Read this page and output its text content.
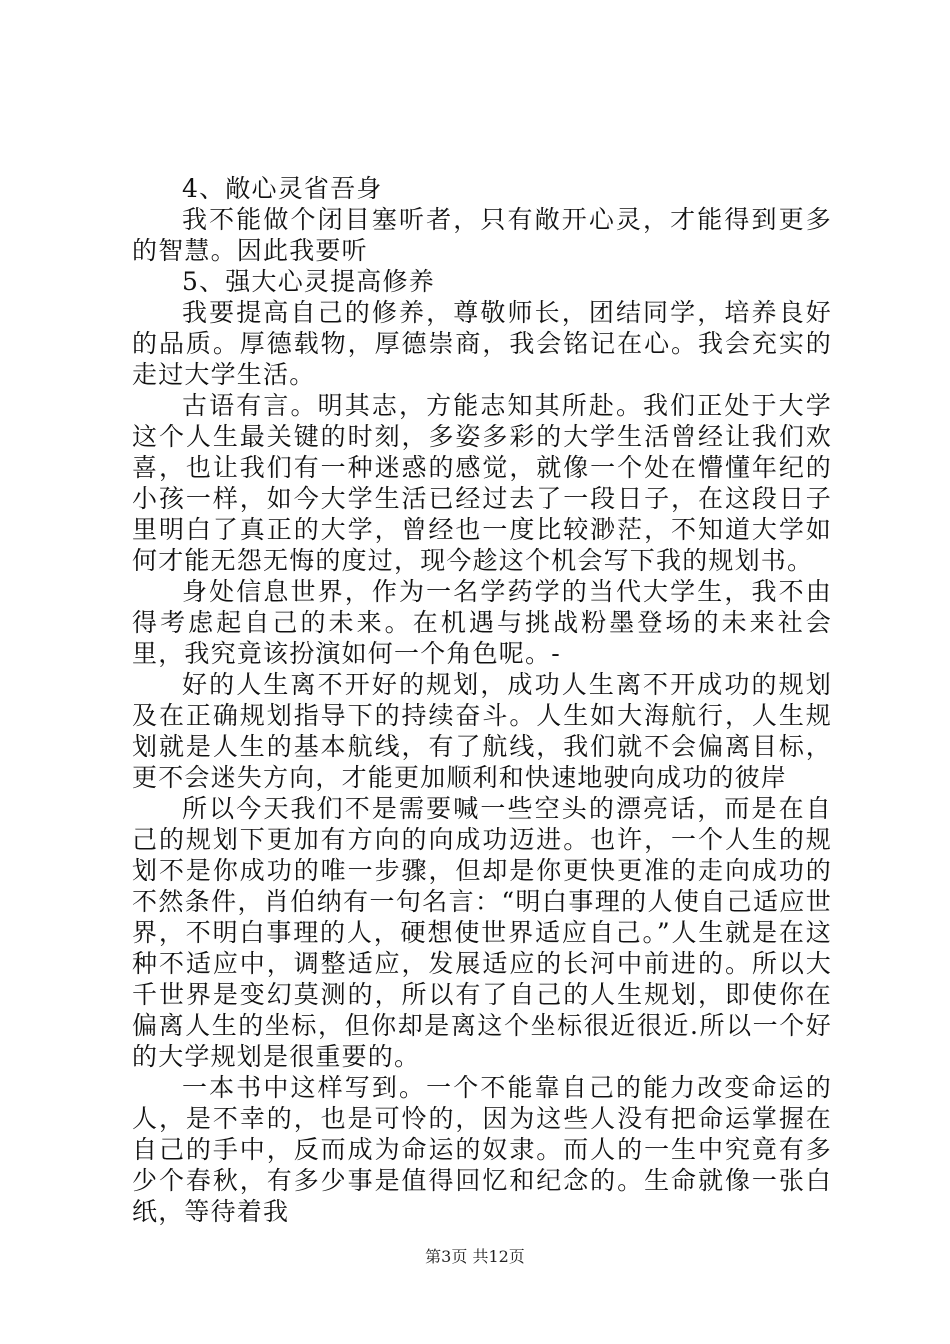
4、敞心灵省吾身

我不能做个闭目塞听者，只有敞开心灵，才能得到更多的智慧。因此我要听

5、强大心灵提高修养

我要提高自己的修养，尊敬师长，团结同学，培养良好的品质。厚德载物，厚德崇商，我会铭记在心。我会充实的走过大学生活。

古语有言。明其志，方能志知其所赴。我们正处于大学这个人生最关键的时刻，多姿多彩的大学生活曾经让我们欢喜，也让我们有一种迷惑的感觉，就像一个处在懵懂年纪的小孩一样，如今大学生活已经过去了一段日子，在这段日子里明白了真正的大学，曾经也一度比较渺茫，不知道大学如何才能无怨无悔的度过，现今趁这个机会写下我的规划书。

身处信息世界，作为一名学药学的当代大学生，我不由得考虑起自己的未来。在机遇与挑战粉墨登场的未来社会里，我究竟该扮演如何一个角色呢。-

好的人生离不开好的规划，成功人生离不开成功的规划及在正确规划指导下的持续奋斗。人生如大海航行，人生规划就是人生的基本航线，有了航线，我们就不会偏离目标，更不会迷失方向，才能更加顺利和快速地驶向成功的彼岸

所以今天我们不是需要喊一些空头的漂亮话，而是在自己的规划下更加有方向的向成功迈进。也许，一个人生的规划不是你成功的唯一步骤，但却是你更快更准的走向成功的不然条件，肖伯纳有一句名言：“明白事理的人使自己适应世界，不明白事理的人，硬想使世界适应自己。”人生就是在这种不适应中，调整适应，发展适应的长河中前进的。所以大千世界是变幻莫测的，所以有了自己的人生规划，即使你在偏离人生的坐标，但你却是离这个坐标很近很近.所以一个好的大学规划是很重要的。

一本书中这样写到。一个不能靠自己的能力改变命运的人，是不幸的，也是可怜的，因为这些人没有把命运掌握在自己的手中，反而成为命运的奴隶。而人的一生中究竟有多少个春秋，有多少事是值得回忆和纪念的。生命就像一张白纸，等待着我

第3页 共12页
